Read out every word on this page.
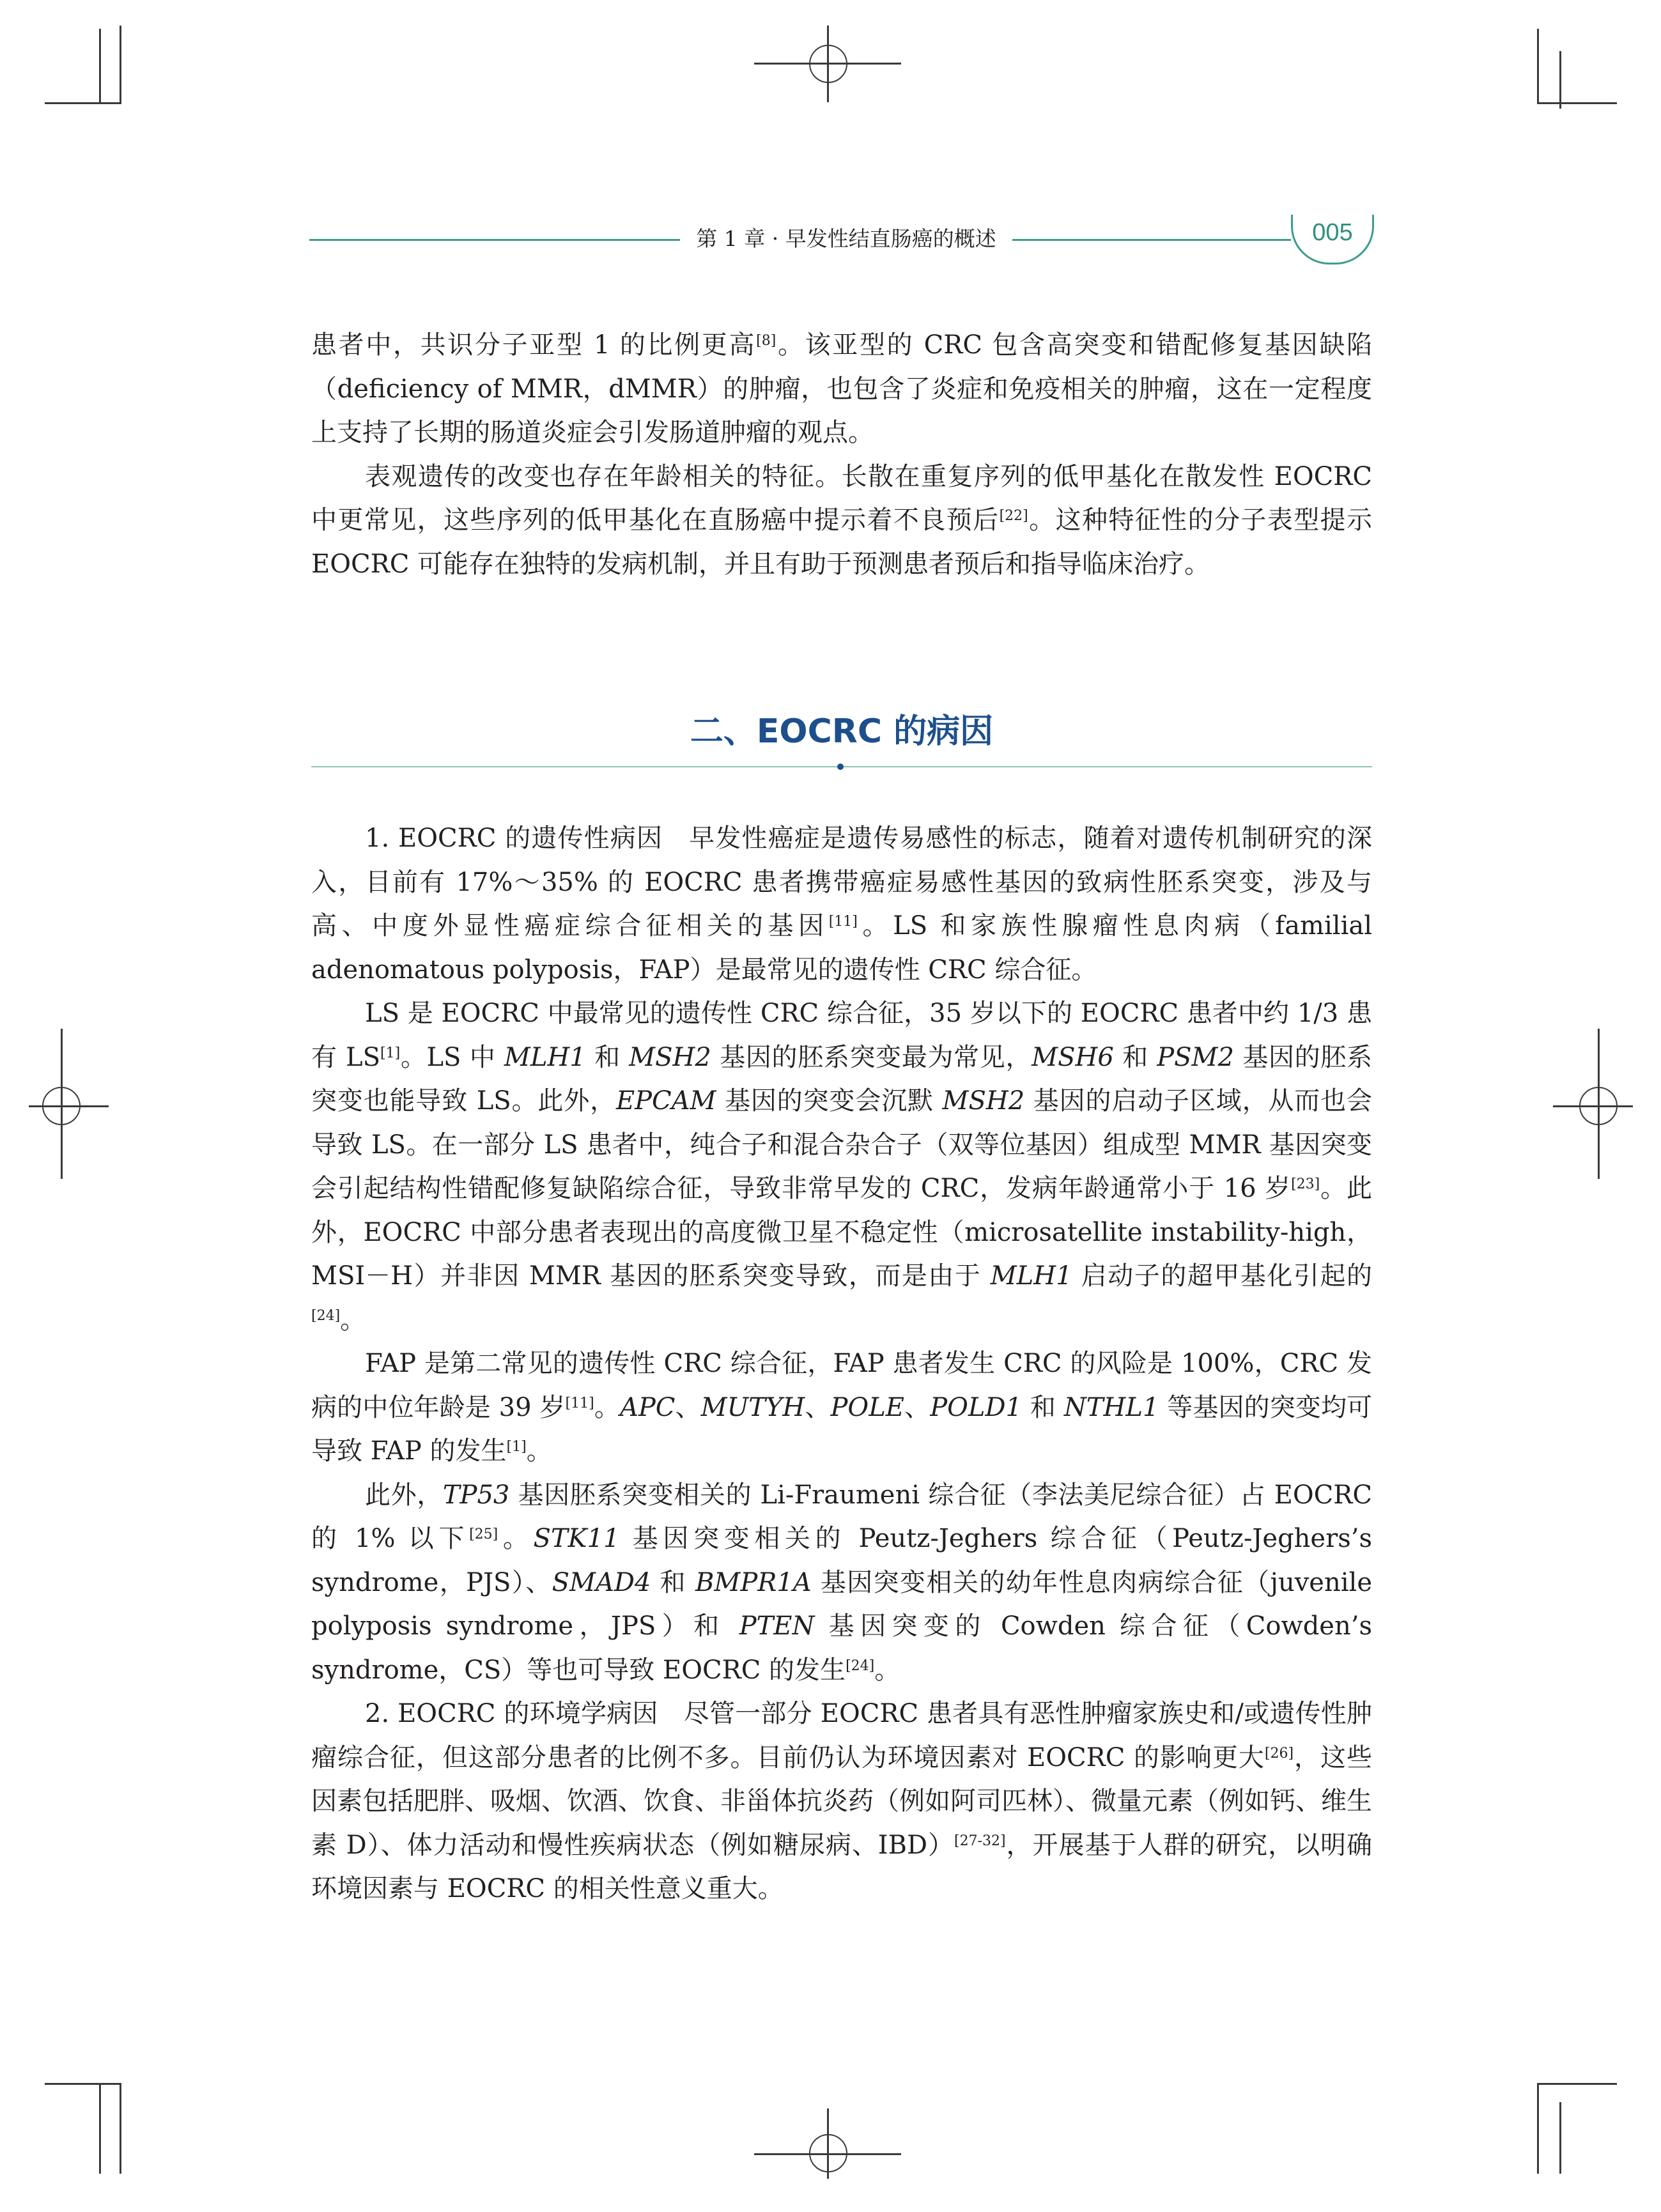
第 1 章 · 早发性结直肠癌的概述	005

患者中，共识分子亚型 1 的比例更高[8]。该亚型的 CRC 包含高突变和错配修复基因缺陷（deficiency of MMR，dMMR）的肿瘤，也包含了炎症和免疫相关的肿瘤，这在一定程度上支持了长期的肠道炎症会引发肠道肿瘤的观点。

表观遗传的改变也存在年龄相关的特征。长散在重复序列的低甲基化在散发性 EOCRC 中更常见，这些序列的低甲基化在直肠癌中提示着不良预后[22]。这种特征性的分子表型提示 EOCRC 可能存在独特的发病机制，并且有助于预测患者预后和指导临床治疗。

二、EOCRC 的病因

1. EOCRC 的遗传性病因　早发性癌症是遗传易感性的标志，随着对遗传机制研究的深入，目前有 17%～35% 的 EOCRC 患者携带癌症易感性基因的致病性胚系突变，涉及与高、中度外显性癌症综合征相关的基因[11]。LS 和家族性腺瘤性息肉病（familial adenomatous polyposis，FAP）是最常见的遗传性 CRC 综合征。

LS 是 EOCRC 中最常见的遗传性 CRC 综合征，35 岁以下的 EOCRC 患者中约 1/3 患有 LS[1]。LS 中 MLH1 和 MSH2 基因的胚系突变最为常见，MSH6 和 PSM2 基因的胚系突变也能导致 LS。此外，EPCAM 基因的突变会沉默 MSH2 基因的启动子区域，从而也会导致 LS。在一部分 LS 患者中，纯合子和混合杂合子（双等位基因）组成型 MMR 基因突变会引起结构性错配修复缺陷综合征，导致非常早发的 CRC，发病年龄通常小于 16 岁[23]。此外，EOCRC 中部分患者表现出的高度微卫星不稳定性（microsatellite instability-high，MSI－H）并非因 MMR 基因的胚系突变导致，而是由于 MLH1 启动子的超甲基化引起的[24]。

FAP 是第二常见的遗传性 CRC 综合征，FAP 患者发生 CRC 的风险是 100%，CRC 发病的中位年龄是 39 岁[11]。APC、MUTYH、POLE、POLD1 和 NTHL1 等基因的突变均可导致 FAP 的发生[1]。

此外，TP53 基因胚系突变相关的 Li-Fraumeni 综合征（李法美尼综合征）占 EOCRC 的 1% 以下[25]。STK11 基因突变相关的 Peutz-Jeghers 综合征（Peutz-Jeghers’s syndrome，PJS）、SMAD4 和 BMPR1A 基因突变相关的幼年性息肉病综合征（juvenile polyposis syndrome，JPS）和 PTEN 基因突变的 Cowden 综合征（Cowden’s syndrome，CS）等也可导致 EOCRC 的发生[24]。

2. EOCRC 的环境学病因　尽管一部分 EOCRC 患者具有恶性肿瘤家族史和/或遗传性肿瘤综合征，但这部分患者的比例不多。目前仍认为环境因素对 EOCRC 的影响更大[26]，这些因素包括肥胖、吸烟、饮酒、饮食、非甾体抗炎药（例如阿司匹林）、微量元素（例如钙、维生素 D）、体力活动和慢性疾病状态（例如糖尿病、IBD）[27-32]，开展基于人群的研究，以明确环境因素与 EOCRC 的相关性意义重大。
